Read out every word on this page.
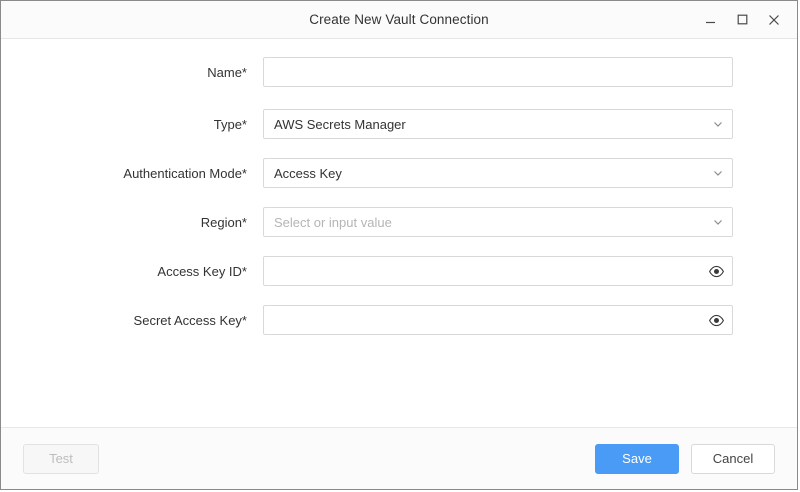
Create New Vault Connection
Name*
Type*	AWS Secrets Manager
Authentication Mode*	Access Key
Region*	Select or input value
Access Key ID*
Secret Access Key*
Test	Save	Cancel
